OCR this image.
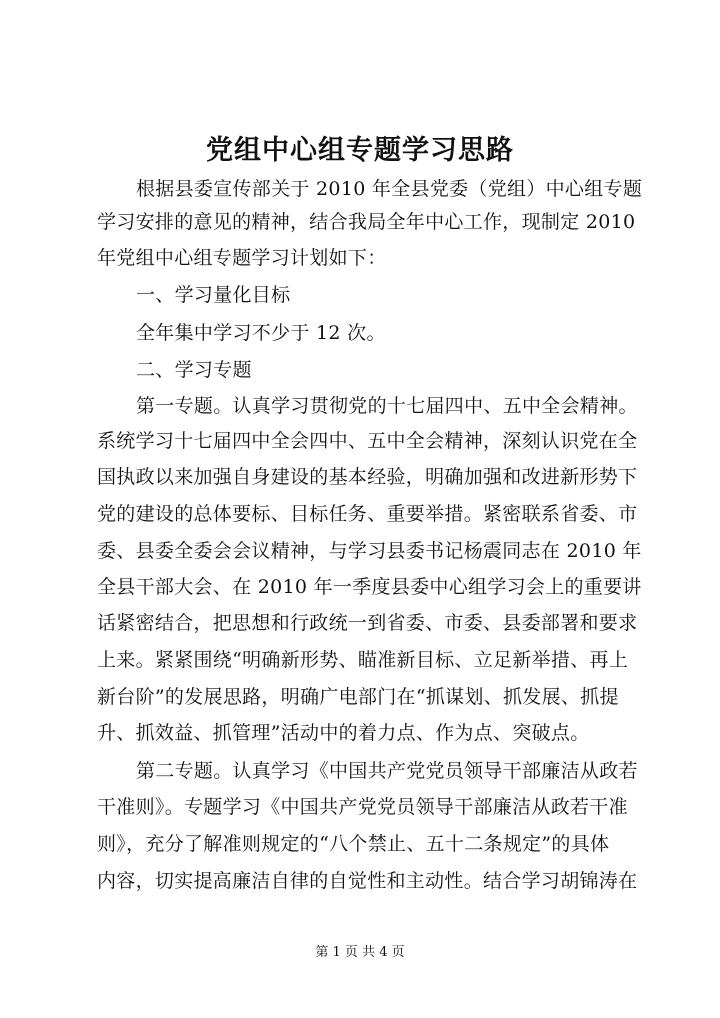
党组中心组专题学习思路
根据县委宣传部关于 2010 年全县党委（党组）中心组专题
学习安排的意见的精神，结合我局全年中心工作，现制定 2010
年党组中心组专题学习计划如下：
一、学习量化目标
全年集中学习不少于 12 次。
二、学习专题
第一专题。认真学习贯彻党的十七届四中、五中全会精神。
系统学习十七届四中全会四中、五中全会精神，深刻认识党在全
国执政以来加强自身建设的基本经验，明确加强和改进新形势下
党的建设的总体要标、目标任务、重要举措。紧密联系省委、市
委、县委全委会会议精神，与学习县委书记杨震同志在 2010 年
全县干部大会、在 2010 年一季度县委中心组学习会上的重要讲
话紧密结合，把思想和行政统一到省委、市委、县委部署和要求
上来。紧紧围绕“明确新形势、瞄准新目标、立足新举措、再上
新台阶”的发展思路，明确广电部门在“抓谋划、抓发展、抓提
升、抓效益、抓管理”活动中的着力点、作为点、突破点。
第二专题。认真学习《中国共产党党员领导干部廉洁从政若
干准则》。专题学习《中国共产党党员领导干部廉洁从政若干准
则》，充分了解准则规定的“八个禁止、五十二条规定”的具体
内容，切实提高廉洁自律的自觉性和主动性。结合学习胡锦涛在
第 1 页 共 4 页
